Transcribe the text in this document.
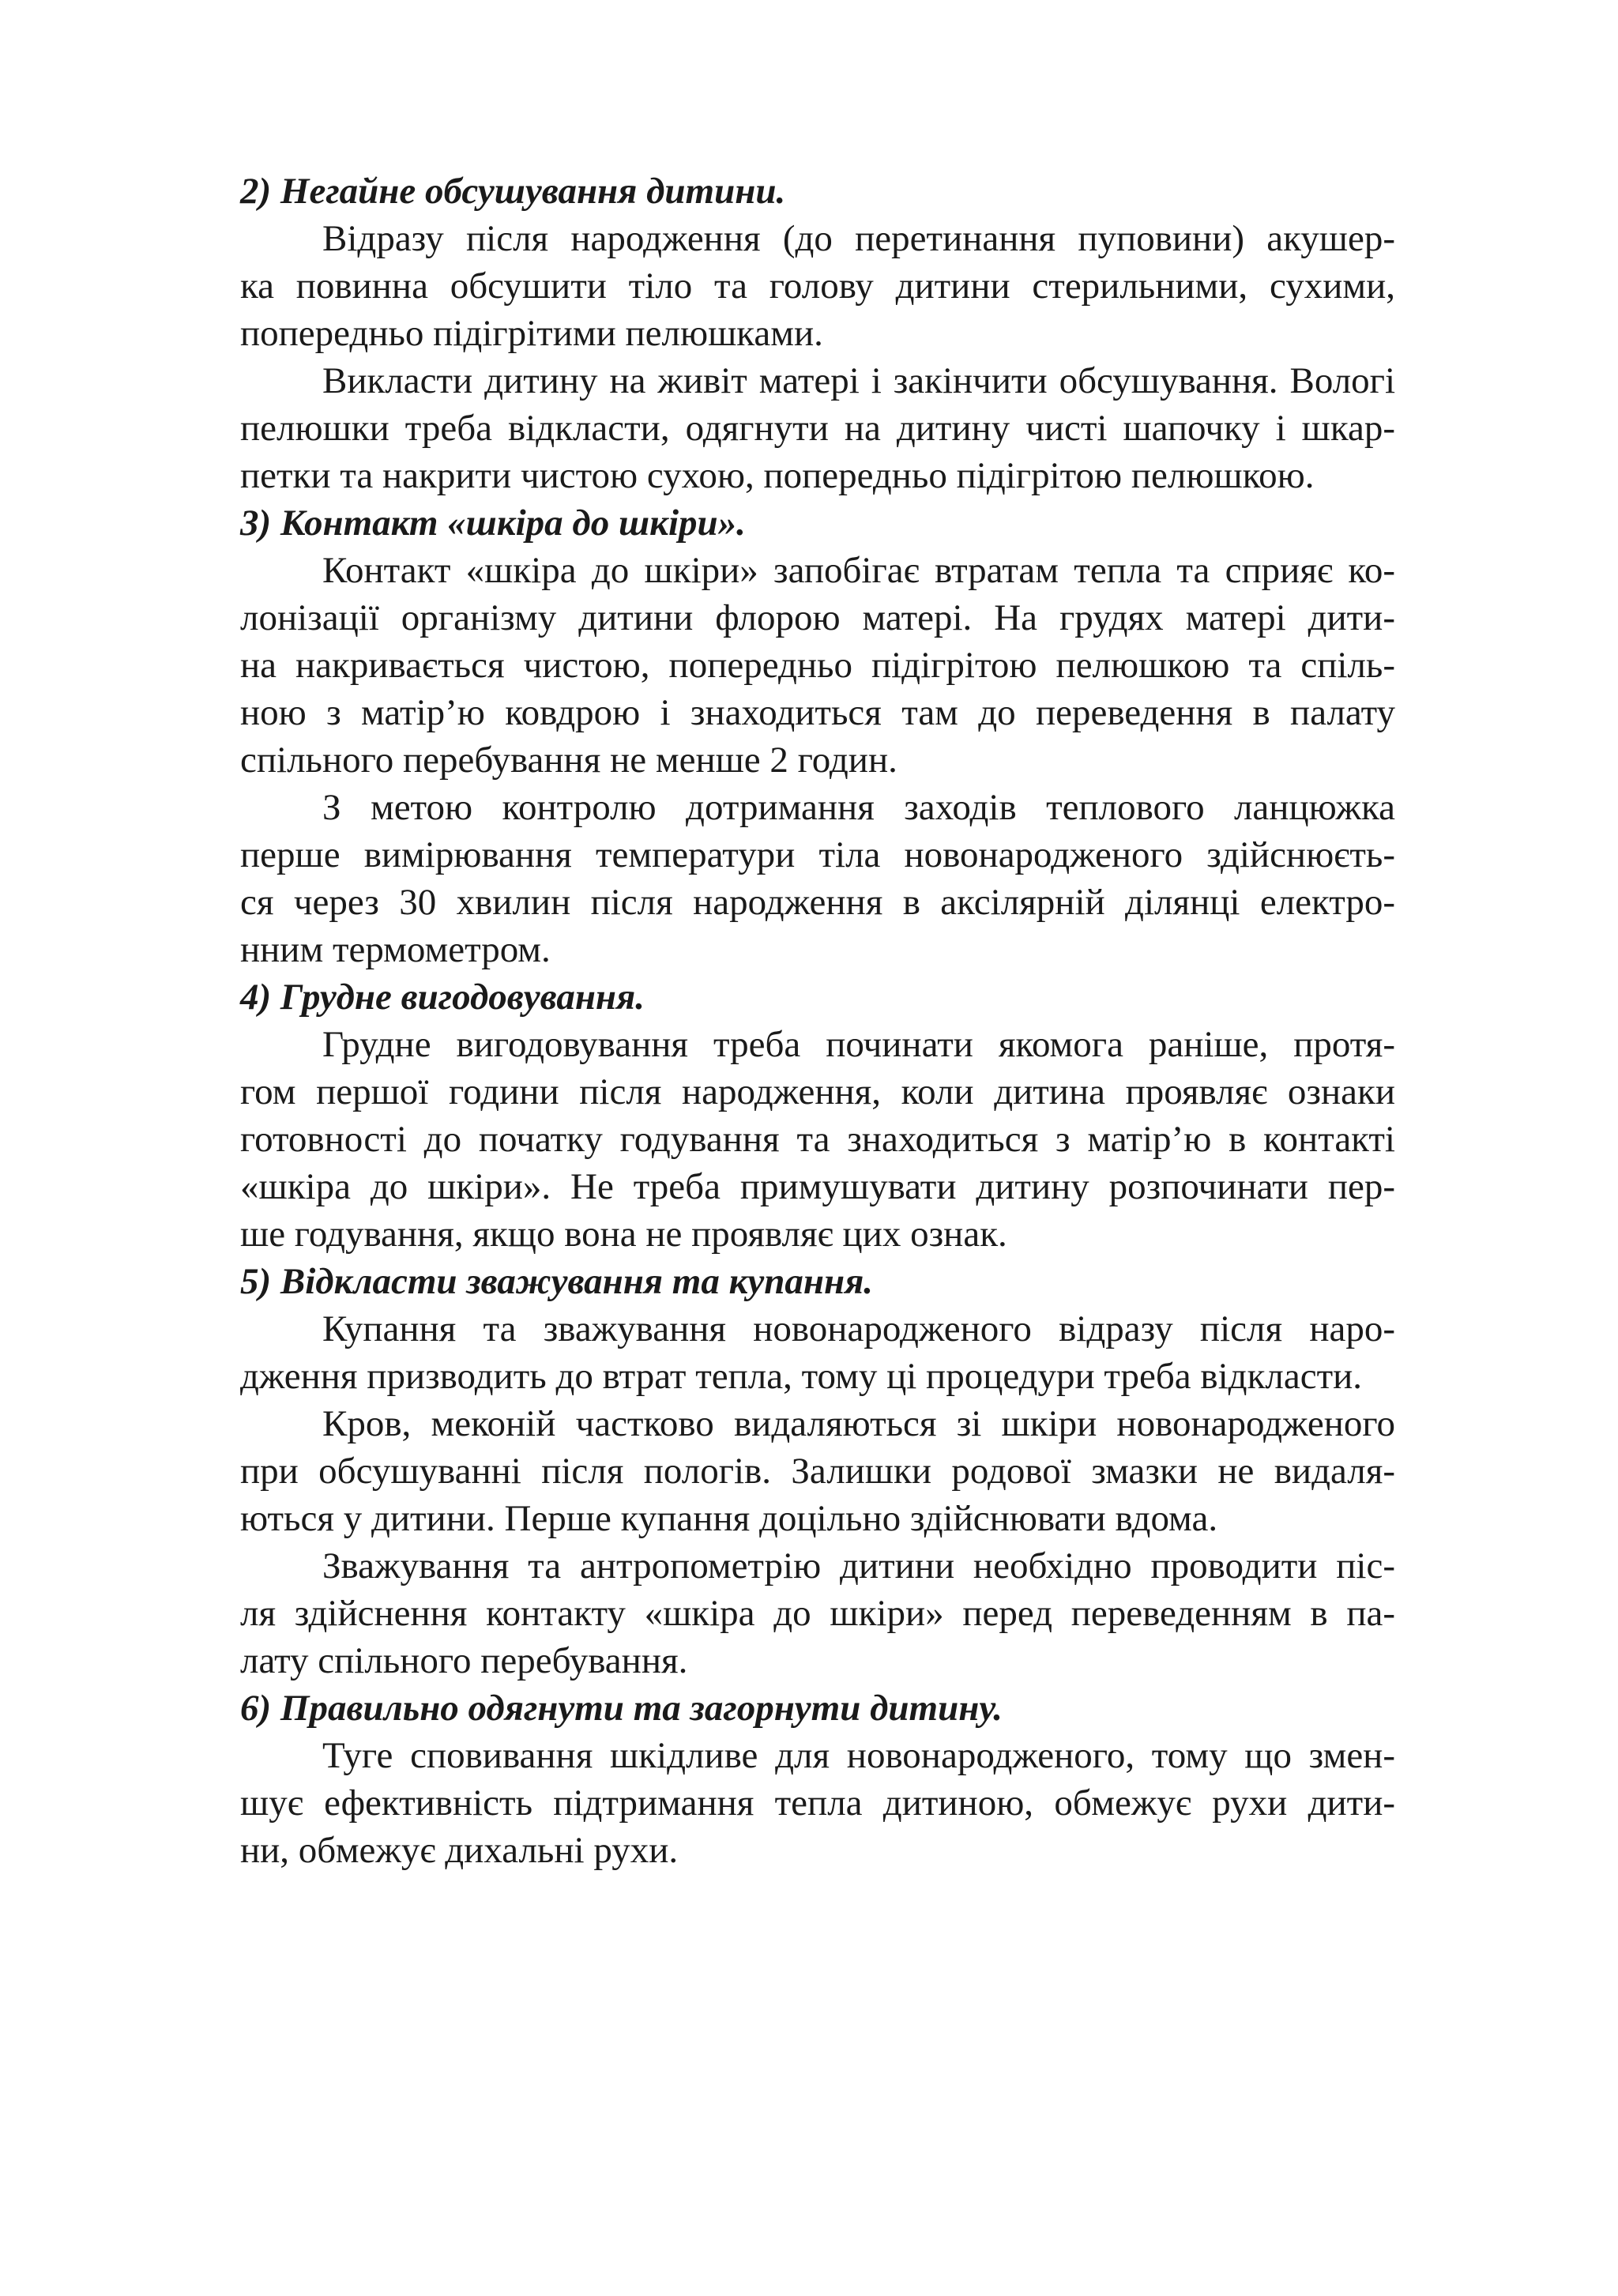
2) Негайне обсушування дитини.
Відразу після народження (до перетинання пуповини) акушер-
ка повинна обсушити тіло та голову дитини стерильними, сухими,
попередньо підігрітими пелюшками.
Викласти дитину на живіт матері і закінчити обсушування. Вологі
пелюшки треба відкласти, одягнути на дитину чисті шапочку і шкар-
петки та накрити чистою сухою, попередньо підігрітою пелюшкою.
3) Контакт «шкіра до шкіри».
Контакт «шкіра до шкіри» запобігає втратам тепла та сприяє ко-
лонізації організму дитини флорою матері. На грудях матері дити-
на накривається чистою, попередньо підігрітою пелюшкою та спіль-
ною з матір’ю ковдрою і знаходиться там до переведення в палату
спільного перебування не менше 2 годин.
З метою контролю дотримання заходів теплового ланцюжка
перше вимірювання температури тіла новонародженого здійснюєть-
ся через 30 хвилин після народження в аксілярній ділянці електро-
нним термометром.
4) Грудне вигодовування.
Грудне вигодовування треба починати якомога раніше, протя-
гом першої години після народження, коли дитина проявляє ознаки
готовності до початку годування та знаходиться з матір’ю в контакті
«шкіра до шкіри». Не треба примушувати дитину розпочинати пер-
ше годування, якщо вона не проявляє цих ознак.
5) Відкласти зважування та купання.
Купання та зважування новонародженого відразу після наро-
дження призводить до втрат тепла, тому ці процедури треба відкласти.
Кров, меконій частково видаляються зі шкіри новонародженого
при обсушуванні після пологів. Залишки родової змазки не видаля-
ються у дитини. Перше купання доцільно здійснювати вдома.
Зважування та антропометрію дитини необхідно проводити піс-
ля здійснення контакту «шкіра до шкіри» перед переведенням в па-
лату спільного перебування.
6) Правильно одягнути та загорнути дитину.
Туге сповивання шкідливе для новонародженого, тому що змен-
шує ефективність підтримання тепла дитиною, обмежує рухи дити-
ни, обмежує дихальні рухи.
